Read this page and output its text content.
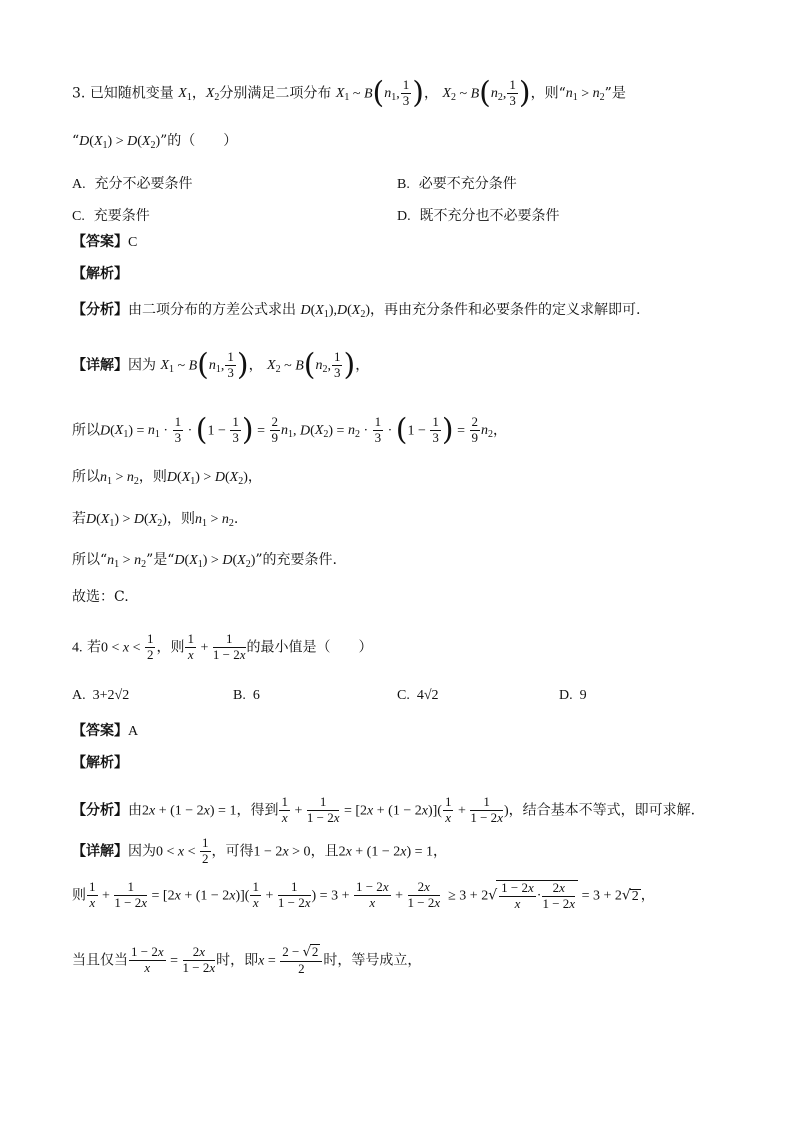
3. 已知随机变量 $X_1$，$X_2$分别满足二项分布 $X_1$ ~ $B(n_1$, $\frac{1}{3}$ )， $X_2$ ~ $B(n_2$, $\frac{1}{3}$ )，则“$n_1 > n_2$”是
“$D(X_1) > D(X_2)$”的（　　）
A. 充分不必要条件	B. 必要不充分条件
C. 充要条件	D. 既不充分也不必要条件
【答案】C
【解析】
【分析】由二项分布的方差公式求出 $D(X_1),D(X_2)$，再由充分条件和必要条件的定义求解即可.
【详解】因为 $X_1$ ~ $B(n_1$, $\frac{1}{3}$ )， $X_2$ ~ $B(n_2$, $\frac{1}{3}$ )，
所以$D(X_1) = n_1 \cdot \frac{1}{3} \cdot (1 - \frac{1}{3}$ ) = $\frac{2}{9} n_1$, $D(X_2) = n_2 \cdot \frac{1}{3} \cdot (1 - \frac{1}{3}$ ) = $\frac{2}{9} n_2$，
所以$n_1 > n_2$，则$D(X_1) > D(X_2)$，
若$D(X_1) > D(X_2)$，则$n_1 > n_2$.
所以“$n_1 > n_2$”是“$D(X_1) > D(X_2)$”的充要条件.
故选：C.
4. 若$0 < x < \frac{1}{2}$ ，则 $\frac{1}{x} + \frac{1}{1 - 2x}$ 的最小值是（　　）
A. 3+2√2	B. 6	C. 4√2	D. 9
【答案】A
【解析】
【分析】由2x + (1 − 2x) = 1，得到 $\frac{1}{x} + \frac{1}{1 - 2x} = [2x + (1 - 2x)]( \frac{1}{x} + \frac{1}{1 - 2x}$ )，结合基本不等式，即可求解.
【详解】因为$0 < x < \frac{1}{2}$ ，可得1 − 2x > 0，且2x + (1 − 2x) = 1，
则 $\frac{1}{x} + \frac{1}{1 - 2x} = [2x + (1 - 2x)]( \frac{1}{x} + \frac{1}{1 - 2x}$ ) = $3 + \frac{1 - 2x}{x} + \frac{2x}{1 - 2x} \ge 3 + 2√ \frac{1 - 2x}{x} \cdot \frac{2x}{1 - 2x} = 3 + 2√2$ ，
当且仅当 $\frac{1 - 2x}{x} = \frac{2x}{1 - 2x}$ 时，即$x = \frac{2 - √2}{2}$ 时，等号成立，
